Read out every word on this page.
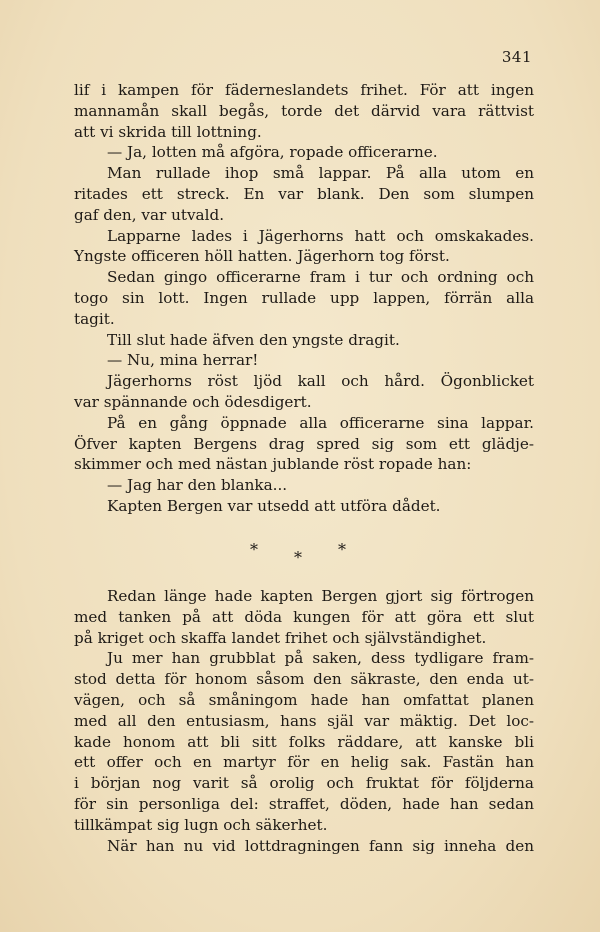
341
lif i kampen för fäderneslandets frihet. För att ingen
mannamån skall begås, torde det därvid vara rättvist
att vi skrida till lottning.
— Ja, lotten må afgöra, ropade officerarne.
Man rullade ihop små lappar. På alla utom en
ritades ett streck. En var blank. Den som slumpen
gaf den, var utvald.
Lapparne lades i Jägerhorns hatt och omskakades.
Yngste officeren höll hatten. Jägerhorn tog först.
Sedan gingo officerarne fram i tur och ordning och
togo sin lott. Ingen rullade upp lappen, förrän alla
tagit.
Till slut hade äfven den yngste dragit.
— Nu, mina herrar!
Jägerhorns röst ljöd kall och hård. Ögonblicket
var spännande och ödesdigert.
På en gång öppnade alla officerarne sina lappar.
Öfver kapten Bergens drag spred sig som ett glädje-
skimmer och med nästan jublande röst ropade han:
— Jag har den blanka...
Kapten Bergen var utsedd att utföra dådet.
* * *
Redan länge hade kapten Bergen gjort sig förtrogen
med tanken på att döda kungen för att göra ett slut
på kriget och skaffa landet frihet och självständighet.
Ju mer han grubblat på saken, dess tydligare fram-
stod detta för honom såsom den säkraste, den enda ut-
vägen, och så småningom hade han omfattat planen
med all den entusiasm, hans själ var mäktig. Det loc-
kade honom att bli sitt folks räddare, att kanske bli
ett offer och en martyr för en helig sak. Fastän han
i början nog varit så orolig och fruktat för följderna
för sin personliga del: straffet, döden, hade han sedan
tillkämpat sig lugn och säkerhet.
När han nu vid lottdragningen fann sig inneha den
